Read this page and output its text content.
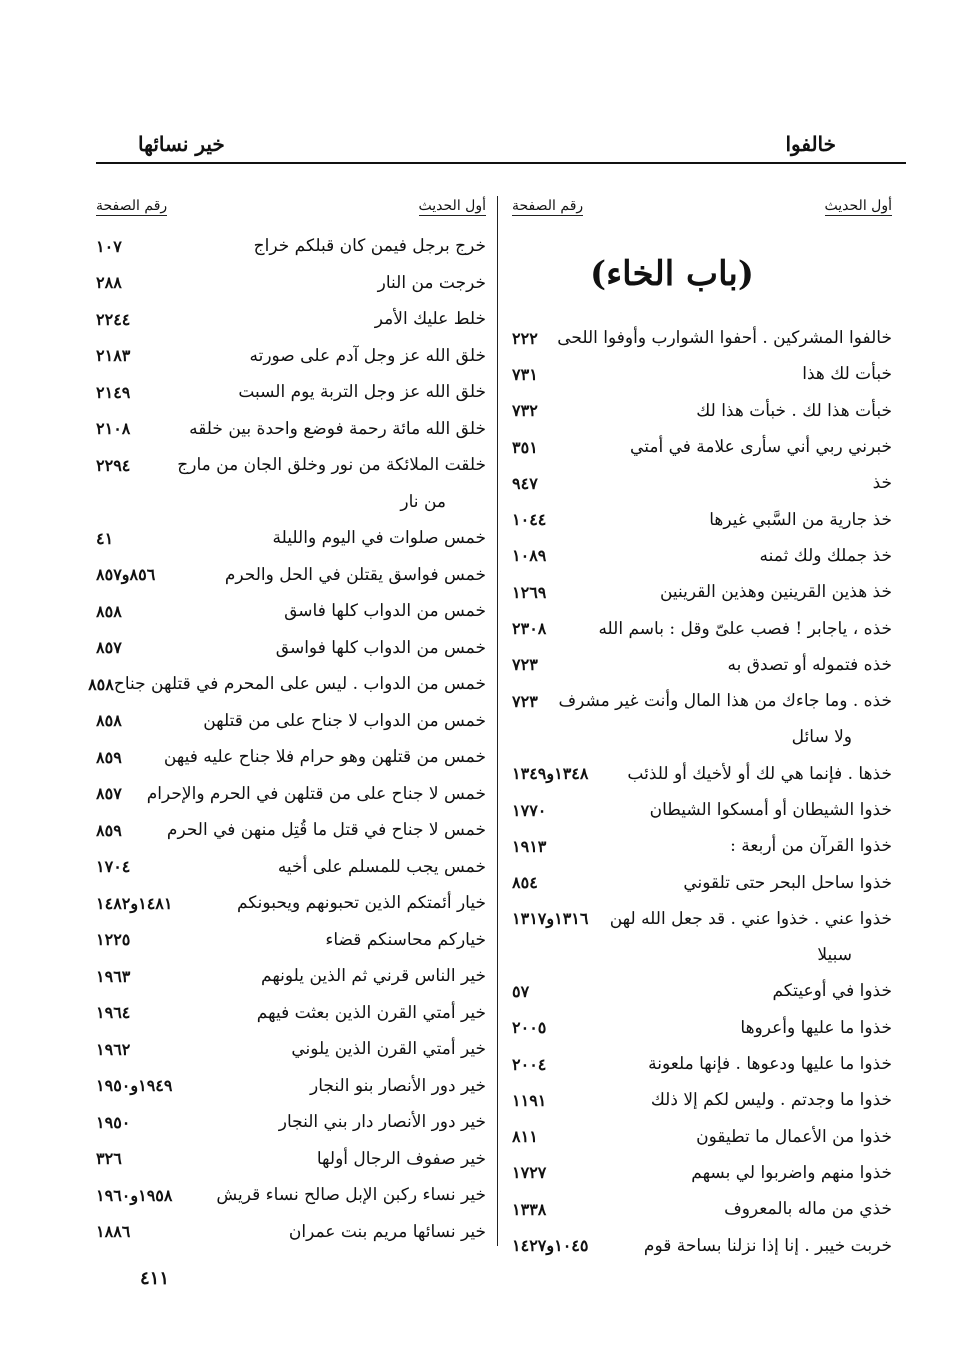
خالفوا
خير نسائها
أول الحديث
رقم الصفحة
(باب الخاء)
خالفوا المشركين . أحفوا الشوارب وأوفوا اللحى
٢٢٢
خبأت لك هذا
٧٣١
خبأت هذا لك . خبأت هذا لك
٧٣٢
خبرني ربي أني سأرى علامة في أمتي
٣٥١
خذ
٩٤٧
خذ جارية من السَّبي غيرها
١٠٤٤
خذ جملك ولك ثمنه
١٠٨٩
خذ هذين القرينين وهذين القرينين
١٢٦٩
خذه ، ياجابر ! فصب علىّ وقل : باسم الله
٢٣٠٨
خذه فتموله أو تصدق به
٧٢٣
خذه . وما جاءك من هذا المال وأنت غير مشرف
٧٢٣
ولا سائل
خذها . فإنما هي لك أو لأخيك أو للذئب
١٣٤٨و١٣٤٩
خذوا الشيطان أو أمسكوا الشيطان
١٧٧٠
خذوا القرآن من أربعة :
١٩١٣
خذوا ساحل البحر حتى تلقوني
٨٥٤
خذوا عني . خذوا عني . قد جعل الله لهن
١٣١٦و١٣١٧
سبيلا
خذوا في أوعيتكم
٥٧
خذوا ما عليها وأعروها
٢٠٠٥
خذوا ما عليها ودعوها . فإنها ملعونة
٢٠٠٤
خذوا ما وجدتم . وليس لكم إلا ذلك
١١٩١
خذوا من الأعمال ما تطيقون
٨١١
خذوا منهم واضربوا لي بسهم
١٧٢٧
خذي من ماله بالمعروف
١٣٣٨
خربت خيبر . إنا إذا نزلنا بساحة قوم
١٠٤٥و١٤٢٧
أول الحديث
رقم الصفحة
خرج برجل فيمن كان قبلكم خراج
١٠٧
خرجت من النار
٢٨٨
خلط عليك الأمر
٢٢٤٤
خلق الله عز وجل آدم على صورته
٢١٨٣
خلق الله عز وجل التربة يوم السبت
٢١٤٩
خلق الله مائة رحمة فوضع واحدة بين خلقه
٢١٠٨
خلقت الملائكة من نور وخلق الجان من مارج
٢٢٩٤
من نار
خمس صلوات في اليوم والليلة
٤١
خمس فواسق يقتلن في الحل والحرم
٨٥٦و٨٥٧
خمس من الدواب كلها فاسق
٨٥٨
خمس من الدواب كلها فواسق
٨٥٧
خمس من الدواب . ليس على المحرم في قتلهن جناح
٨٥٨
خمس من الدواب لا جناح على من قتلهن
٨٥٨
خمس من قتلهن وهو حرام فلا جناح عليه فيهن
٨٥٩
خمس لا جناح على من قتلهن في الحرم والإحرام
٨٥٧
خمس لا جناح في قتل ما قُتِل منهن في الحرم
٨٥٩
خمس يجب للمسلم على أخيه
١٧٠٤
خيار أئمتكم الذين تحبونهم ويحبونكم
١٤٨١و١٤٨٢
خياركم محاسنكم قضاء
١٢٢٥
خير الناس قرني ثم الذين يلونهم
١٩٦٣
خير أمتي القرن الذين بعثت فيهم
١٩٦٤
خير أمتي القرن الذين يلوني
١٩٦٢
خير دور الأنصار بنو النجار
١٩٤٩و١٩٥٠
خير دور الأنصار دار بني النجار
١٩٥٠
خير صفوف الرجال أولها
٣٢٦
خير نساء ركبن الإبل صالح نساء قريش
١٩٥٨و١٩٦٠
خير نسائها مريم بنت عمران
١٨٨٦
٤١١
